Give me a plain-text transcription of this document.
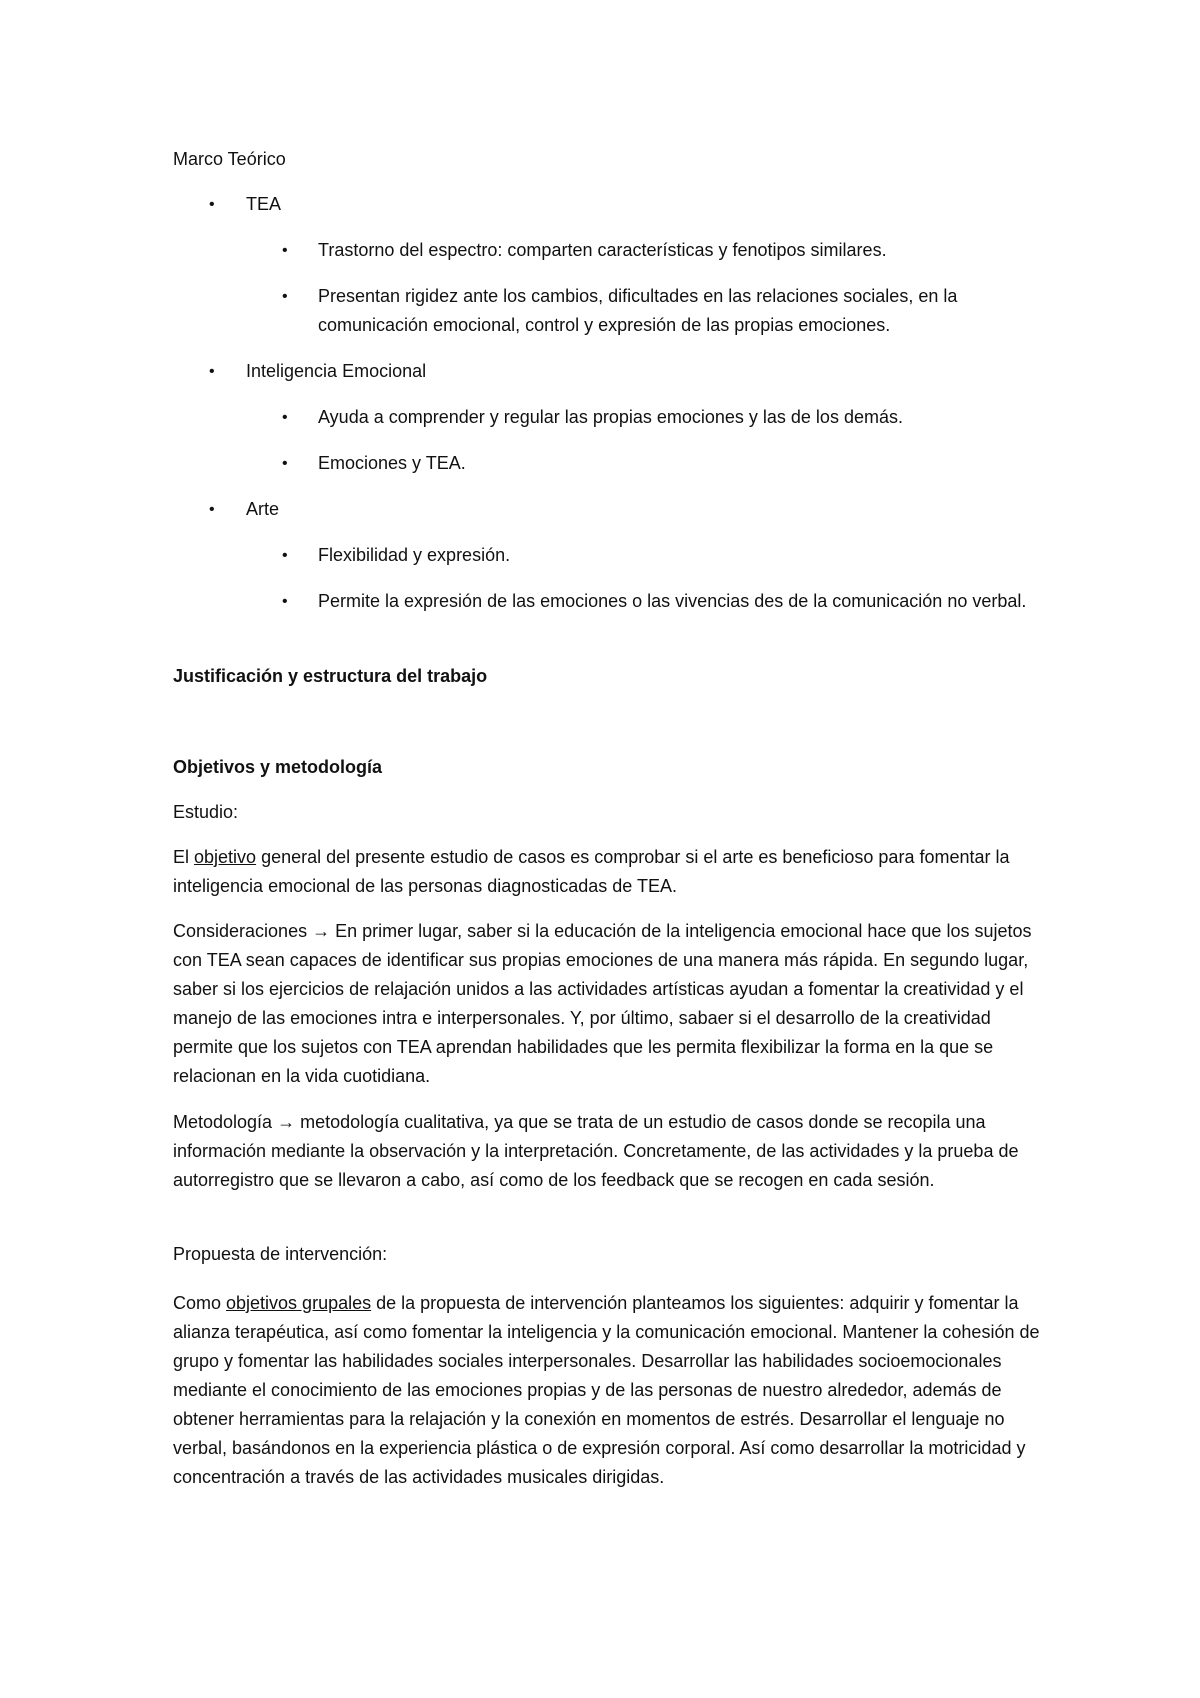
Marco Teórico
• TEA
• Trastorno del espectro: comparten características y fenotipos similares.
• Presentan rigidez ante los cambios, dificultades en las relaciones sociales, en la comunicación emocional, control y expresión de las propias emociones.
• Inteligencia Emocional
• Ayuda a comprender y regular las propias emociones y las de los demás.
• Emociones y TEA.
• Arte
• Flexibilidad y expresión.
• Permite la expresión de las emociones o las vivencias des de la comunicación no verbal.
Justificación y estructura del trabajo
Objetivos y metodología
Estudio:
El objetivo general del presente estudio de casos es comprobar si el arte es beneficioso para fomentar la inteligencia emocional de las personas diagnosticadas de TEA.
Consideraciones → En primer lugar, saber si la educación de la inteligencia emocional hace que los sujetos con TEA sean capaces de identificar sus propias emociones de una manera más rápida. En segundo lugar, saber si los ejercicios de relajación unidos a las actividades artísticas ayudan a fomentar la creatividad y el manejo de las emociones intra e interpersonales. Y, por último, sabaer si el desarrollo de la creatividad permite que los sujetos con TEA aprendan habilidades que les permita flexibilizar la forma en la que se relacionan en la vida cuotidiana.
Metodología → metodología cualitativa, ya que se trata de un estudio de casos donde se recopila una información mediante la observación y la interpretación. Concretamente, de las actividades y la prueba de autorregistro que se llevaron a cabo, así como de los feedback que se recogen en cada sesión.
Propuesta de intervención:
Como objetivos grupales de la propuesta de intervención planteamos los siguientes: adquirir y fomentar la alianza terapéutica, así como fomentar la inteligencia y la comunicación emocional. Mantener la cohesión de grupo y fomentar las habilidades sociales interpersonales. Desarrollar las habilidades socioemocionales mediante el conocimiento de las emociones propias y de las personas de nuestro alrededor, además de obtener herramientas para la relajación y la conexión en momentos de estrés. Desarrollar el lenguaje no verbal, basándonos en la experiencia plástica o de expresión corporal. Así como desarrollar la motricidad y concentración a través de las actividades musicales dirigidas.
